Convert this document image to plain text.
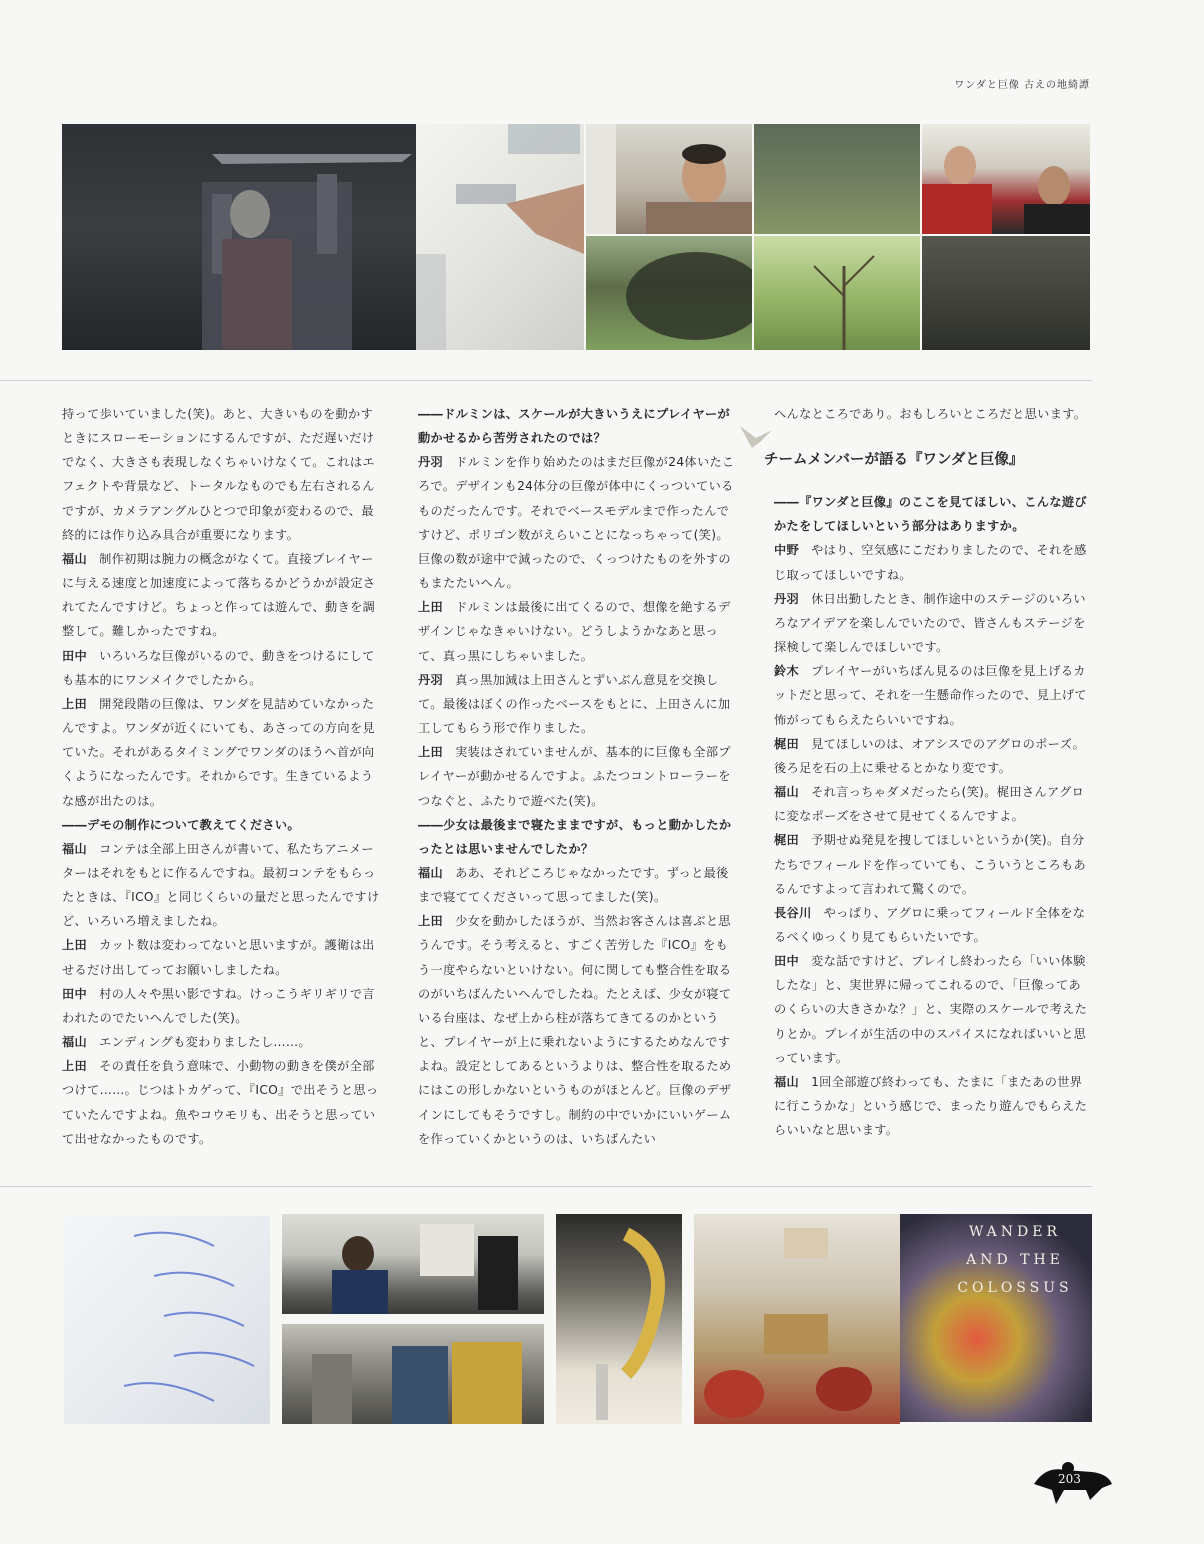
ワンダと巨像 古えの地綺譚

持って歩いていました(笑)。あと、大きいものを動かすときにスローモーションにするんですが、ただ遅いだけでなく、大きさも表現しなくちゃいけなくて。これはエフェクトや背景など、トータルなものでも左右されるんですが、カメラアングルひとつで印象が変わるので、最終的には作り込み具合が重要になります。

福山 制作初期は腕力の概念がなくて。直接プレイヤーに与える速度と加速度によって落ちるかどうかが設定されてたんですけど。ちょっと作っては遊んで、動きを調整して。難しかったですね。

田中 いろいろな巨像がいるので、動きをつけるにしても基本的にワンメイクでしたから。

上田 開発段階の巨像は、ワンダを見詰めていなかったんですよ。ワンダが近くにいても、あさっての方向を見ていた。それがあるタイミングでワンダのほうへ首が向くようになったんです。それからです。生きているような感が出たのは。

――デモの制作について教えてください。

福山 コンテは全部上田さんが書いて、私たちアニメーターはそれをもとに作るんですね。最初コンテをもらったときは、『ICO』と同じくらいの量だと思ったんですけど、いろいろ増えましたね。

上田 カット数は変わってないと思いますが。護衛は出せるだけ出してってお願いしましたね。

田中 村の人々や黒い影ですね。けっこうギリギリで言われたのでたいへんでした(笑)。

福山 エンディングも変わりましたし……。

上田 その責任を負う意味で、小動物の動きを僕が全部つけて……。じつはトカゲって、『ICO』で出そうと思っていたんですよね。魚やコウモリも、出そうと思っていて出せなかったものです。

――ドルミンは、スケールが大きいうえにプレイヤーが動かせるから苦労されたのでは？

丹羽 ドルミンを作り始めたのはまだ巨像が24体いたころで。デザインも24体分の巨像が体中にくっついているものだったんです。それでベースモデルまで作ったんですけど、ポリゴン数がえらいことになっちゃって(笑)。巨像の数が途中で減ったので、くっつけたものを外すのもまたたいへん。

上田 ドルミンは最後に出てくるので、想像を絶するデザインじゃなきゃいけない。どうしようかなあと思って、真っ黒にしちゃいました。

丹羽 真っ黒加減は上田さんとずいぶん意見を交換して。最後はぼくの作ったベースをもとに、上田さんに加工してもらう形で作りました。

上田 実装はされていませんが、基本的に巨像も全部プレイヤーが動かせるんですよ。ふたつコントローラーをつなぐと、ふたりで遊べた(笑)。

――少女は最後まで寝たままですが、もっと動かしたかったとは思いませんでしたか？

福山 ああ、それどころじゃなかったです。ずっと最後まで寝ててくださいって思ってました(笑)。

上田 少女を動かしたほうが、当然お客さんは喜ぶと思うんです。そう考えると、すごく苦労した『ICO』をもう一度やらないといけない。何に関しても整合性を取るのがいちばんたいへんでしたね。たとえば、少女が寝ている台座は、なぜ上から柱が落ちてきてるのかというと、プレイヤーが上に乗れないようにするためなんですよね。設定としてあるというよりは、整合性を取るためにはこの形しかないというものがほとんど。巨像のデザインにしてもそうですし。制約の中でいかにいいゲームを作っていくかというのは、いちばんたい

へんなところであり。おもしろいところだと思います。

チームメンバーが語る『ワンダと巨像』

――『ワンダと巨像』のここを見てほしい、こんな遊びかたをしてほしいという部分はありますか。

中野 やはり、空気感にこだわりましたので、それを感じ取ってほしいですね。

丹羽 休日出勤したとき、制作途中のステージのいろいろなアイデアを楽しんでいたので、皆さんもステージを探検して楽しんでほしいです。

鈴木 プレイヤーがいちばん見るのは巨像を見上げるカットだと思って、それを一生懸命作ったので、見上げて怖がってもらえたらいいですね。

梶田 見てほしいのは、オアシスでのアグロのポーズ。後ろ足を石の上に乗せるとかなり変です。

福山 それ言っちゃダメだったら(笑)。梶田さんアグロに変なポーズをさせて見せてくるんですよ。

梶田 予期せぬ発見を捜してほしいというか(笑)。自分たちでフィールドを作っていても、こういうところもあるんですよって言われて驚くので。

長谷川 やっぱり、アグロに乗ってフィールド全体をなるべくゆっくり見てもらいたいです。

田中 変な話ですけど、プレイし終わったら「いい体験したな」と、実世界に帰ってこれるので、「巨像ってあのくらいの大きさかな？」と、実際のスケールで考えたりとか。プレイが生活の中のスパイスになればいいと思っています。

福山 1回全部遊び終わっても、たまに「またあの世界に行こうかな」という感じで、まったり遊んでもらえたらいいなと思います。

WANDER
AND THE
COLOSSUS
203
